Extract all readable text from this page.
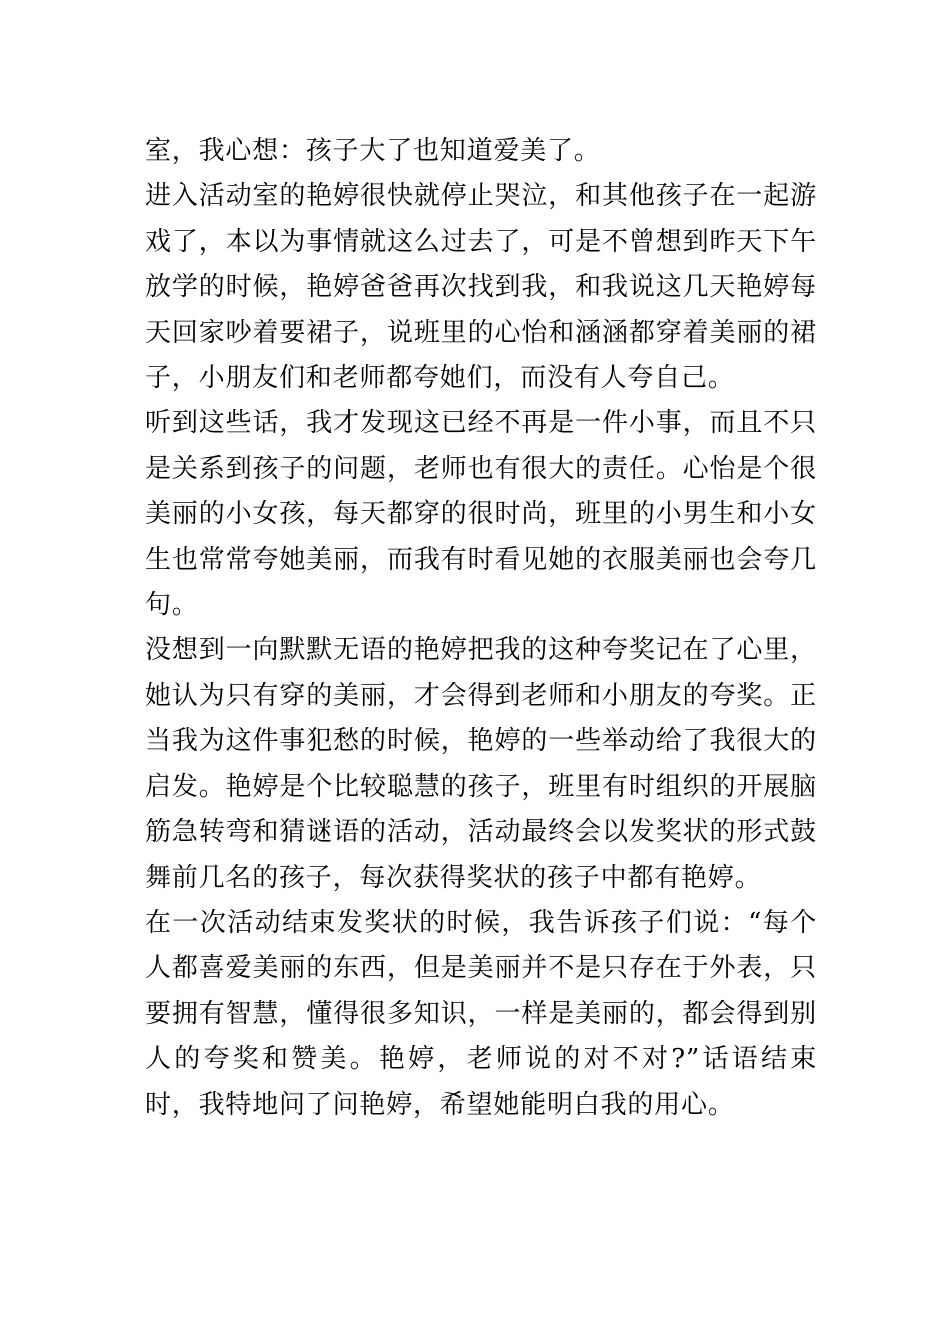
室，我心想：孩子大了也知道爱美了。

进入活动室的艳婷很快就停止哭泣，和其他孩子在一起游戏了，本以为事情就这么过去了，可是不曾想到昨天下午放学的时候，艳婷爸爸再次找到我，和我说这几天艳婷每天回家吵着要裙子，说班里的心怡和涵涵都穿着美丽的裙子，小朋友们和老师都夸她们，而没有人夸自己。

听到这些话，我才发现这已经不再是一件小事，而且不只是关系到孩子的问题，老师也有很大的责任。心怡是个很美丽的小女孩，每天都穿的很时尚，班里的小男生和小女生也常常夸她美丽，而我有时看见她的衣服美丽也会夸几句。

没想到一向默默无语的艳婷把我的这种夸奖记在了心里，她认为只有穿的美丽，才会得到老师和小朋友的夸奖。正当我为这件事犯愁的时候，艳婷的一些举动给了我很大的启发。艳婷是个比较聪慧的孩子，班里有时组织的开展脑筋急转弯和猜谜语的活动，活动最终会以发奖状的形式鼓舞前几名的孩子，每次获得奖状的孩子中都有艳婷。

在一次活动结束发奖状的时候，我告诉孩子们说：“每个人都喜爱美丽的东西，但是美丽并不是只存在于外表，只要拥有智慧，懂得很多知识，一样是美丽的，都会得到别人的夸奖和赞美。艳婷，老师说的对不对?”话语结束时，我特地问了问艳婷，希望她能明白我的用心。
